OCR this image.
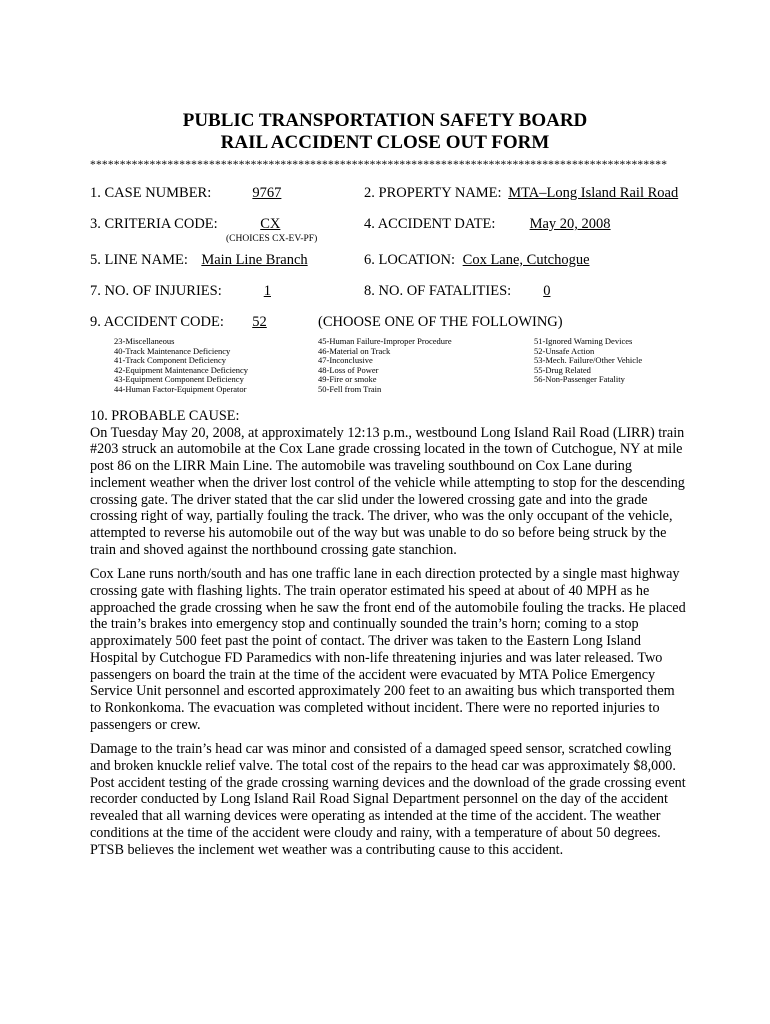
PUBLIC TRANSPORTATION SAFETY BOARD
RAIL ACCIDENT CLOSE OUT FORM
*************************************************************************************************
1. CASE NUMBER:	9767	2. PROPERTY NAME: MTA–Long Island Rail Road
3. CRITERIA CODE:	CX
(CHOICES CX-EV-PF)
4. ACCIDENT DATE: May 20, 2008
5. LINE NAME: Main Line Branch	6. LOCATION: Cox Lane, Cutchogue
7. NO. OF INJURIES:	1	8. NO. OF FATALITIES: 0
9. ACCIDENT CODE: 52	(CHOOSE ONE OF THE FOLLOWING)
23-Miscellaneous
40-Track Maintenance Deficiency
41-Track Component Deficiency
42-Equipment Maintenance Deficiency
43-Equipment Component Deficiency
44-Human Factor-Equipment Operator
45-Human Failure-Improper Procedure
46-Material on Track
47-Inconclusive
48-Loss of Power
49-Fire or smoke
50-Fell from Train
51-Ignored Warning Devices
52-Unsafe Action
53-Mech. Failure/Other Vehicle
55-Drug Related
56-Non-Passenger Fatality
10. PROBABLE CAUSE:

On Tuesday May 20, 2008, at approximately 12:13 p.m., westbound Long Island Rail Road (LIRR) train #203 struck an automobile at the Cox Lane grade crossing located in the town of Cutchogue, NY at mile post 86 on the LIRR Main Line. The automobile was traveling southbound on Cox Lane during inclement weather when the driver lost control of the vehicle while attempting to stop for the descending crossing gate. The driver stated that the car slid under the lowered crossing gate and into the grade crossing right of way, partially fouling the track. The driver, who was the only occupant of the vehicle, attempted to reverse his automobile out of the way but was unable to do so before being struck by the train and shoved against the northbound crossing gate stanchion.

Cox Lane runs north/south and has one traffic lane in each direction protected by a single mast highway crossing gate with flashing lights. The train operator estimated his speed at about of 40 MPH as he approached the grade crossing when he saw the front end of the automobile fouling the tracks. He placed the train’s brakes into emergency stop and continually sounded the train’s horn; coming to a stop approximately 500 feet past the point of contact. The driver was taken to the Eastern Long Island Hospital by Cutchogue FD Paramedics with non-life threatening injuries and was later released. Two passengers on board the train at the time of the accident were evacuated by MTA Police Emergency Service Unit personnel and escorted approximately 200 feet to an awaiting bus which transported them to Ronkonkoma. The evacuation was completed without incident. There were no reported injuries to passengers or crew.

Damage to the train’s head car was minor and consisted of a damaged speed sensor, scratched cowling and broken knuckle relief valve. The total cost of the repairs to the head car was approximately $8,000. Post accident testing of the grade crossing warning devices and the download of the grade crossing event recorder conducted by Long Island Rail Road Signal Department personnel on the day of the accident revealed that all warning devices were operating as intended at the time of the accident. The weather conditions at the time of the accident were cloudy and rainy, with a temperature of about 50 degrees. PTSB believes the inclement wet weather was a contributing cause to this accident.
